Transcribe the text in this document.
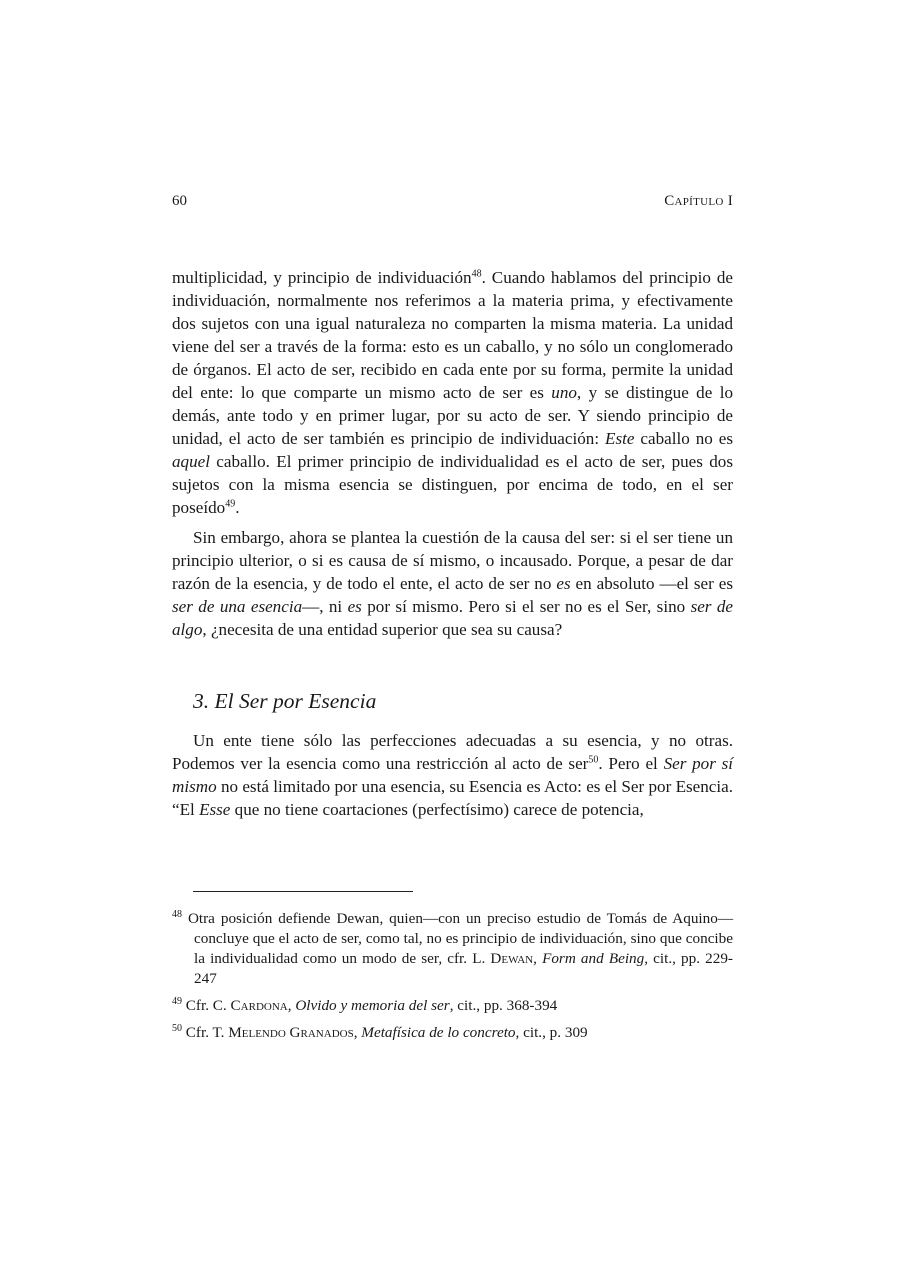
60	Capítulo I

multiplicidad, y principio de individuación$^{48}$. Cuando hablamos del principio de individuación, normalmente nos referimos a la materia prima, y efectivamente dos sujetos con una igual naturaleza no comparten la misma materia. La unidad viene del ser a través de la forma: esto es un caballo, y no sólo un conglomerado de órganos. El acto de ser, recibido en cada ente por su forma, permite la unidad del ente: lo que comparte un mismo acto de ser es uno, y se distingue de lo demás, ante todo y en primer lugar, por su acto de ser. Y siendo principio de unidad, el acto de ser también es principio de individuación: Este caballo no es aquel caballo. El primer principio de individualidad es el acto de ser, pues dos sujetos con la misma esencia se distinguen, por encima de todo, en el ser poseído$^{49}$.

Sin embargo, ahora se plantea la cuestión de la causa del ser: si el ser tiene un principio ulterior, o si es causa de sí mismo, o incausado. Porque, a pesar de dar razón de la esencia, y de todo el ente, el acto de ser no es en absoluto —el ser es ser de una esencia—, ni es por sí mismo. Pero si el ser no es el Ser, sino ser de algo, ¿necesita de una entidad superior que sea su causa?

3. El Ser por Esencia

Un ente tiene sólo las perfecciones adecuadas a su esencia, y no otras. Podemos ver la esencia como una restricción al acto de ser$^{50}$. Pero el Ser por sí mismo no está limitado por una esencia, su Esencia es Acto: es el Ser por Esencia. “El Esse que no tiene coartaciones (perfectísimo) carece de potencia,

$^{48}$ Otra posición defiende Dewan, quien—con un preciso estudio de Tomás de Aquino— concluye que el acto de ser, como tal, no es principio de individuación, sino que concibe la individualidad como un modo de ser, cfr. L. Dewan, Form and Being, cit., pp. 229-247

$^{49}$ Cfr. C. Cardona, Olvido y memoria del ser, cit., pp. 368-394

$^{50}$ Cfr. T. Melendo Granados, Metafísica de lo concreto, cit., p. 309
